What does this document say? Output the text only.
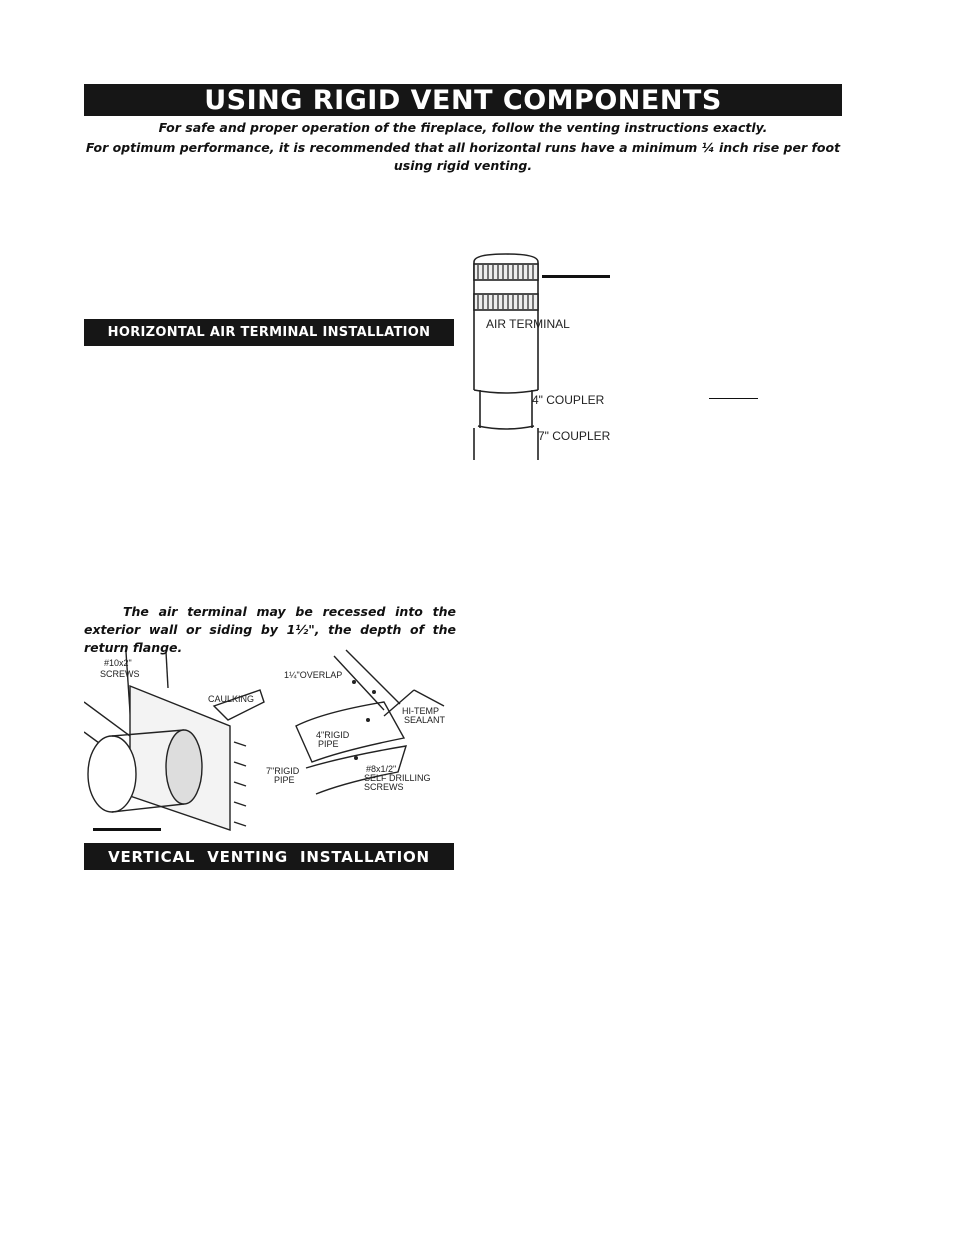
USING RIGID VENT COMPONENTS
For safe and proper operation of the fireplace, follow the venting instructions exactly.
For optimum performance, it is recommended that all horizontal runs have a minimum ¼ inch rise per foot using rigid venting.
HORIZONTAL AIR TERMINAL INSTALLATION
AIR TERMINAL
4" COUPLER
7" COUPLER
The air terminal may be recessed into the exterior wall or siding by 1½", the depth of the return flange.
#10x2"
SCREWS
CAULKING
1¼"OVERLAP
HI-TEMP
SEALANT
4"RIGID
PIPE
7"RIGID
PIPE
#8x1/2"
SELF DRILLING
SCREWS
VERTICAL  VENTING  INSTALLATION
